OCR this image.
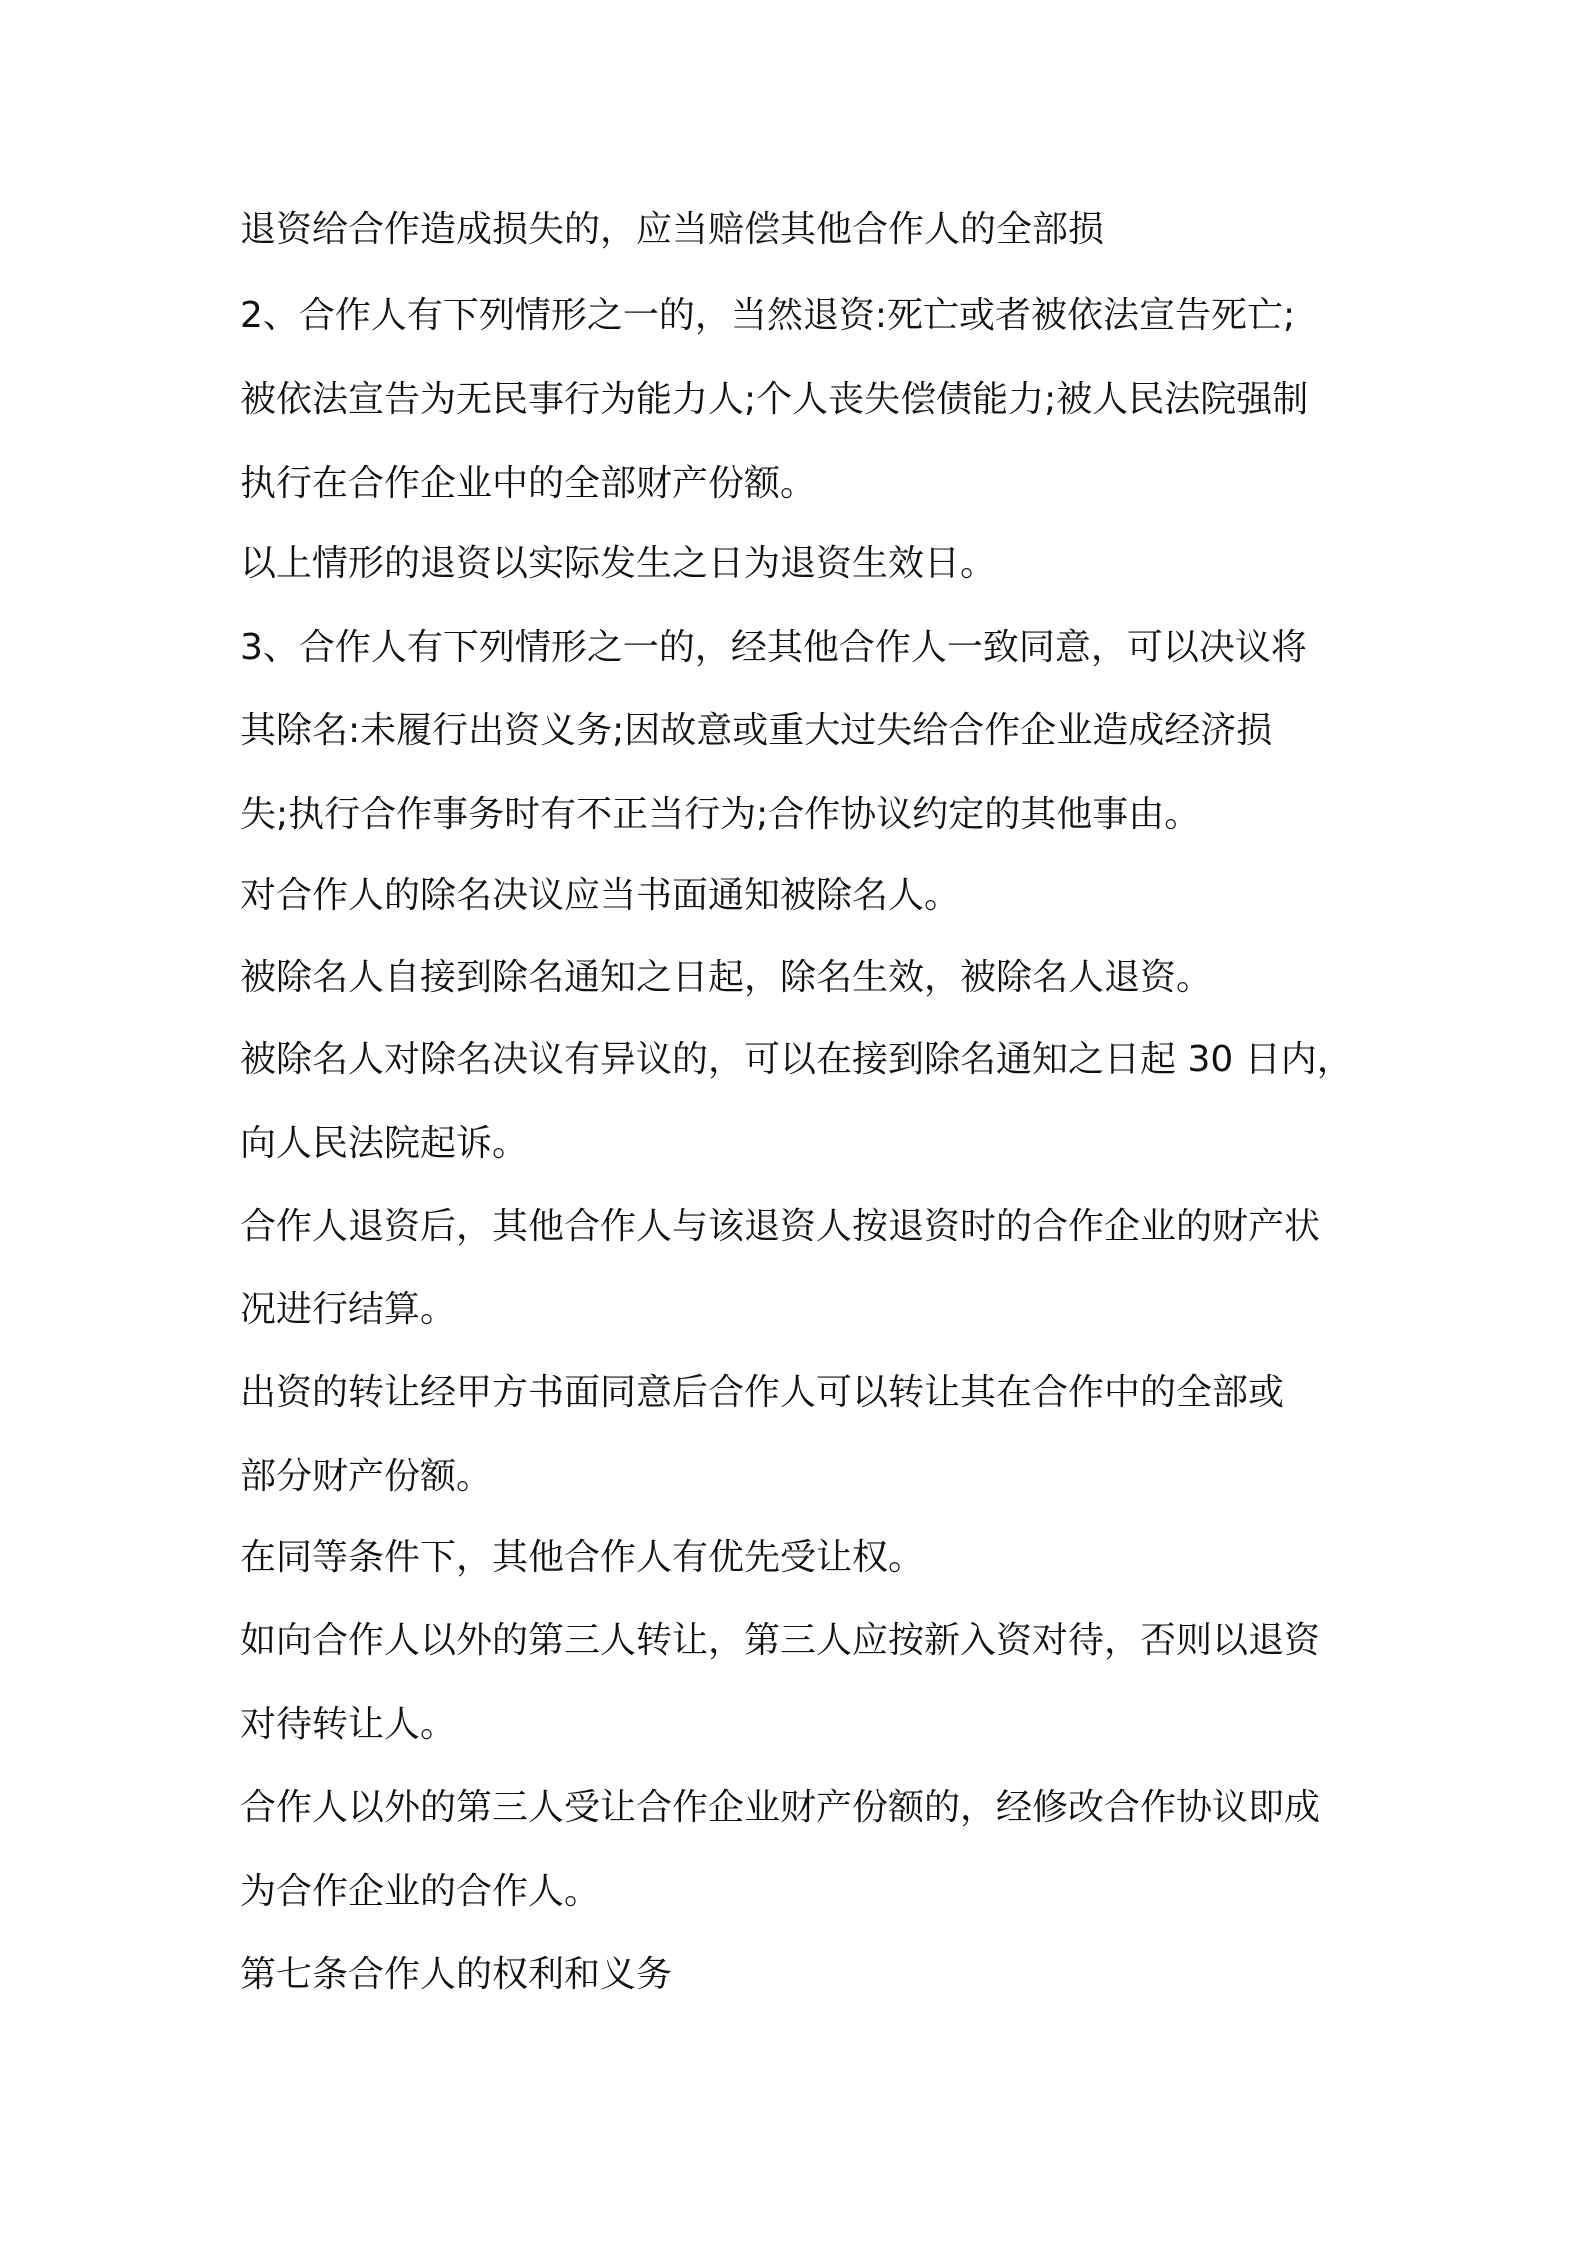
退资给合作造成损失的，应当赔偿其他合作人的全部损
2、合作人有下列情形之一的，当然退资:死亡或者被依法宣告死亡;
被依法宣告为无民事行为能力人;个人丧失偿债能力;被人民法院强制
执行在合作企业中的全部财产份额。
以上情形的退资以实际发生之日为退资生效日。
3、合作人有下列情形之一的，经其他合作人一致同意，可以决议将
其除名:未履行出资义务;因故意或重大过失给合作企业造成经济损
失;执行合作事务时有不正当行为;合作协议约定的其他事由。
对合作人的除名决议应当书面通知被除名人。
被除名人自接到除名通知之日起，除名生效，被除名人退资。
被除名人对除名决议有异议的，可以在接到除名通知之日起 30 日内，
向人民法院起诉。
合作人退资后，其他合作人与该退资人按退资时的合作企业的财产状
况进行结算。
出资的转让经甲方书面同意后合作人可以转让其在合作中的全部或
部分财产份额。
在同等条件下，其他合作人有优先受让权。
如向合作人以外的第三人转让，第三人应按新入资对待，否则以退资
对待转让人。
合作人以外的第三人受让合作企业财产份额的，经修改合作协议即成
为合作企业的合作人。
第七条合作人的权利和义务
